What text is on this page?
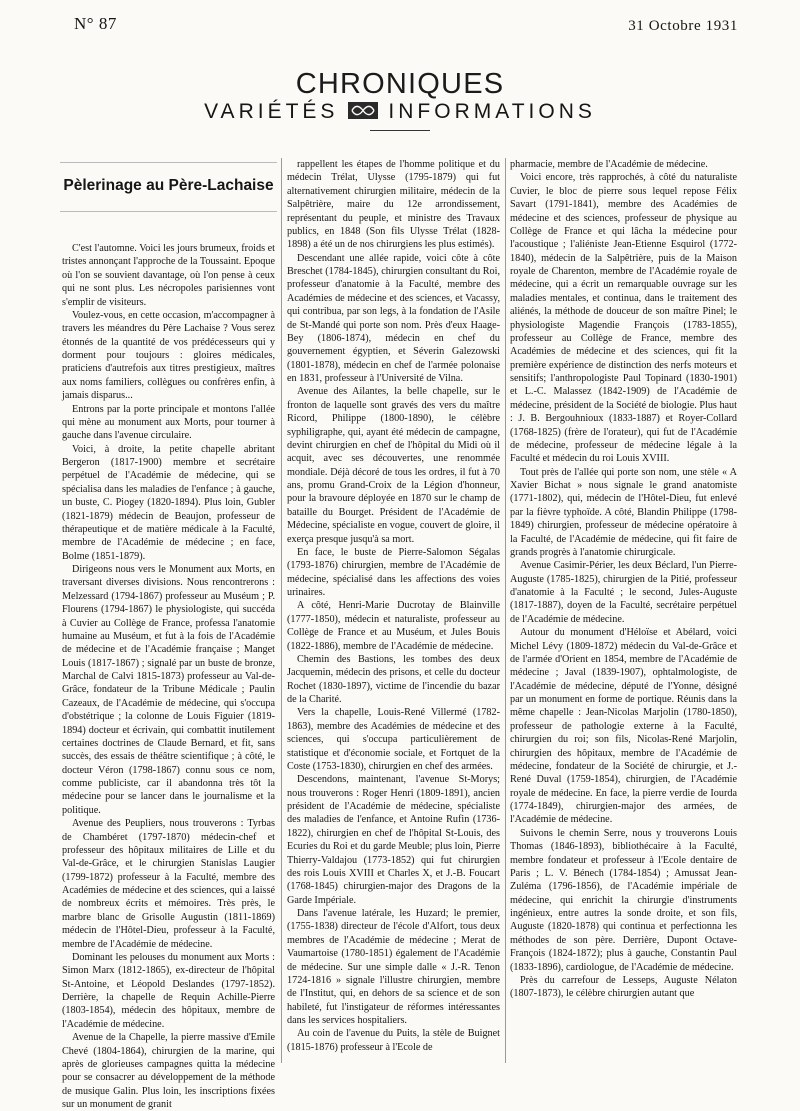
N° 87	31 Octobre 1931
CHRONIQUES
VARIÉTÉS INFORMATIONS
Pèlerinage au Père-Lachaise

C'est l'automne. Voici les jours brumeux, froids et tristes annonçant l'approche de la Toussaint. Epoque où l'on se souvient davantage, où l'on pense à ceux qui ne sont plus. Les nécropoles parisiennes vont s'emplir de visiteurs.

Voulez-vous, en cette occasion, m'accompagner à travers les méandres du Père Lachaise ? Vous serez étonnés de la quantité de vos prédécesseurs qui y dorment pour toujours : gloires médicales, praticiens d'autrefois aux titres prestigieux, maîtres aux noms familiers, collègues ou confrères enfin, à jamais disparus...

Entrons par la porte principale et montons l'allée qui mène au monument aux Morts, pour tourner à gauche dans l'avenue circulaire.

Voici, à droite, la petite chapelle abritant Bergeron (1817-1900) membre et secrétaire perpétuel de l'Académie de médecine, qui se spécialisa dans les maladies de l'enfance ; à gauche, un buste, C. Piogey (1820-1894). Plus loin, Gubler (1821-1879) médecin de Beaujon, professeur de thérapeutique et de matière médicale à la Faculté, membre de l'Académie de médecine ; en face, Bolme (1851-1879).

Dirigeons nous vers le Monument aux Morts, en traversant diverses divisions. Nous rencontrerons : Melzessard (1794-1867) professeur au Muséum ; P. Flourens (1794-1867) le physiologiste, qui succéda à Cuvier au Collège de France, professa l'anatomie humaine au Muséum, et fut à la fois de l'Académie de médecine et de l'Académie française ; Manget Louis (1817-1867) ; signalé par un buste de bronze, Marchal de Calvi 1815-1873) professeur au Val-de-Grâce, fondateur de la Tribune Médicale ; Paulin Cazeaux, de l'Académie de médecine, qui s'occupa d'obstétrique ; la colonne de Louis Figuier (1819-1894) docteur et écrivain, qui combattit inutilement certaines doctrines de Claude Bernard, et fit, sans succès, des essais de théâtre scientifique ; à côté, le docteur Véron (1798-1867) connu sous ce nom, comme publiciste, car il abandonna très tôt la médecine pour se lancer dans le journalisme et la politique.

Avenue des Peupliers, nous trouverons : Tyrbas de Chambéret (1797-1870) médecin-chef et professeur des hôpitaux militaires de Lille et du Val-de-Grâce, et le chirurgien Stanislas Laugier (1799-1872) professeur à la Faculté, membre des Académies de médecine et des sciences, qui a laissé de nombreux écrits et mémoires. Très près, le marbre blanc de Grisolle Augustin (1811-1869) médecin de l'Hôtel-Dieu, professeur à la Faculté, membre de l'Académie de médecine.

Dominant les pelouses du monument aux Morts : Simon Marx (1812-1865), ex-directeur de l'hôpital St-Antoine, et Léopold Deslandes (1797-1852). Derrière, la chapelle de Requin Achille-Pierre (1803-1854), médecin des hôpitaux, membre de l'Académie de médecine.

Avenue de la Chapelle, la pierre massive d'Emile Chevé (1804-1864), chirurgien de la marine, qui après de glorieuses campagnes quitta la médecine pour se consacrer au développement de la méthode de musique Galin. Plus loin, les inscriptions fixées sur un monument de granit

rappellent les étapes de l'homme politique et du médecin Trélat, Ulysse (1795-1879) qui fut alternativement chirurgien militaire, médecin de la Salpêtrière, maire du 12e arrondissement, représentant du peuple, et ministre des Travaux publics, en 1848 (Son fils Ulysse Trélat (1828-1898) a été un de nos chirurgiens les plus estimés).

Descendant une allée rapide, voici côte à côte Breschet (1784-1845), chirurgien consultant du Roi, professeur d'anatomie à la Faculté, membre des Académies de médecine et des sciences, et Vacassy, qui contribua, par son legs, à la fondation de l'Asile de St-Mandé qui porte son nom. Près d'eux Haage-Bey (1806-1874), médecin en chef du gouvernement égyptien, et Séverin Galezowski (1801-1878), médecin en chef de l'armée polonaise en 1831, professeur à l'Université de Vilna.

Avenue des Ailantes, la belle chapelle, sur le fronton de laquelle sont gravés des vers du maître Ricord, Philippe (1800-1890), le célèbre syphiligraphe, qui, ayant été médecin de campagne, devint chirurgien en chef de l'hôpital du Midi où il acquit, avec ses découvertes, une renommée mondiale. Déjà décoré de tous les ordres, il fut à 70 ans, promu Grand-Croix de la Légion d'honneur, pour la bravoure déployée en 1870 sur le champ de bataille du Bourget. Président de l'Académie de Médecine, spécialiste en vogue, couvert de gloire, il exerça presque jusqu'à sa mort.

En face, le buste de Pierre-Salomon Ségalas (1793-1876) chirurgien, membre de l'Académie de médecine, spécialisé dans les affections des voies urinaires.

A côté, Henri-Marie Ducrotay de Blainville (1777-1850), médecin et naturaliste, professeur au Collège de France et au Muséum, et Jules Bouis (1822-1886), membre de l'Académie de médecine.

Chemin des Bastions, les tombes des deux Jacquemin, médecin des prisons, et celle du docteur Rochet (1830-1897), victime de l'incendie du bazar de la Charité.

Vers la chapelle, Louis-René Villermé (1782-1863), membre des Académies de médecine et des sciences, qui s'occupa particulièrement de statistique et d'économie sociale, et Fortquet de la Coste (1753-1830), chirurgien en chef des armées.

Descendons, maintenant, l'avenue St-Morys; nous trouverons : Roger Henri (1809-1891), ancien président de l'Académie de médecine, spécialiste des maladies de l'enfance, et Antoine Rufin (1736-1822), chirurgien en chef de l'hôpital St-Louis, des Ecuries du Roi et du garde Meuble; plus loin, Pierre Thierry-Valdajou (1773-1852) qui fut chirurgien des rois Louis XVIII et Charles X, et J.-B. Foucart (1768-1845) chirurgien-major des Dragons de la Garde Impériale.

Dans l'avenue latérale, les Huzard; le premier, (1755-1838) directeur de l'école d'Alfort, tous deux membres de l'Académie de médecine ; Merat de Vaumartoise (1780-1851) également de l'Académie de médecine. Sur une simple dalle « J.-R. Tenon 1724-1816 » signale l'illustre chirurgien, membre de l'Institut, qui, en dehors de sa science et de son habileté, fut l'instigateur de réformes intéressantes dans les services hospitaliers.

Au coin de l'avenue du Puits, la stèle de Buignet (1815-1876) professeur à l'Ecole de

pharmacie, membre de l'Académie de médecine.

Voici encore, très rapprochés, à côté du naturaliste Cuvier, le bloc de pierre sous lequel repose Félix Savart (1791-1841), membre des Académies de médecine et des sciences, professeur de physique au Collège de France et qui lâcha la médecine pour l'acoustique ; l'aliéniste Jean-Etienne Esquirol (1772-1840), médecin de la Salpêtrière, puis de la Maison royale de Charenton, membre de l'Académie royale de médecine, qui a écrit un remarquable ouvrage sur les maladies mentales, et continua, dans le traitement des aliénés, la méthode de douceur de son maître Pinel; le physiologiste Magendie François (1783-1855), professeur au Collège de France, membre des Académies de médecine et des sciences, qui fit la première expérience de distinction des nerfs moteurs et sensitifs; l'anthropologiste Paul Topinard (1830-1901) et L.-C. Malassez (1842-1909) de l'Académie de médecine, président de la Société de biologie. Plus haut : J. B. Bergouhnioux (1833-1887) et Royer-Collard (1768-1825) (frère de l'orateur), qui fut de l'Académie de médecine, professeur de médecine légale à la Faculté et médecin du roi Louis XVIII.

Tout près de l'allée qui porte son nom, une stèle « A Xavier Bichat » nous signale le grand anatomiste (1771-1802), qui, médecin de l'Hôtel-Dieu, fut enlevé par la fièvre typhoïde. A côté, Blandin Philippe (1798-1849) chirurgien, professeur de médecine opératoire à la Faculté, de l'Académie de médecine, qui fit faire de grands progrès à l'anatomie chirurgicale.

Avenue Casimir-Périer, les deux Béclard, l'un Pierre-Auguste (1785-1825), chirurgien de la Pitié, professeur d'anatomie à la Faculté ; le second, Jules-Auguste (1817-1887), doyen de la Faculté, secrétaire perpétuel de l'Académie de médecine.

Autour du monument d'Héloïse et Abélard, voici Michel Lévy (1809-1872) médecin du Val-de-Grâce et de l'armée d'Orient en 1854, membre de l'Académie de médecine ; Javal (1839-1907), ophtalmologiste, de l'Académie de médecine, député de l'Yonne, désigné par un monument en forme de portique. Réunis dans la même chapelle : Jean-Nicolas Marjolin (1780-1850), professeur de pathologie externe à la Faculté, chirurgien du roi; son fils, Nicolas-René Marjolin, chirurgien des hôpitaux, membre de l'Académie de médecine, fondateur de la Société de chirurgie, et J.-René Duval (1759-1854), chirurgien, de l'Académie royale de médecine. En face, la pierre verdie de Iourda (1774-1849), chirurgien-major des armées, de l'Académie de médecine.

Suivons le chemin Serre, nous y trouverons Louis Thomas (1846-1893), bibliothécaire à la Faculté, membre fondateur et professeur à l'Ecole dentaire de Paris ; L. V. Bénech (1784-1854) ; Amussat Jean-Zuléma (1796-1856), de l'Académie impériale de médecine, qui enrichit la chirurgie d'instruments ingénieux, entre autres la sonde droite, et son fils, Auguste (1820-1878) qui continua et perfectionna les méthodes de son père. Derrière, Dupont Octave-François (1824-1872); plus à gauche, Constantin Paul (1833-1896), cardiologue, de l'Académie de médecine.

Près du carrefour de Lesseps, Auguste Nélaton (1807-1873), le célèbre chirurgien autant que
